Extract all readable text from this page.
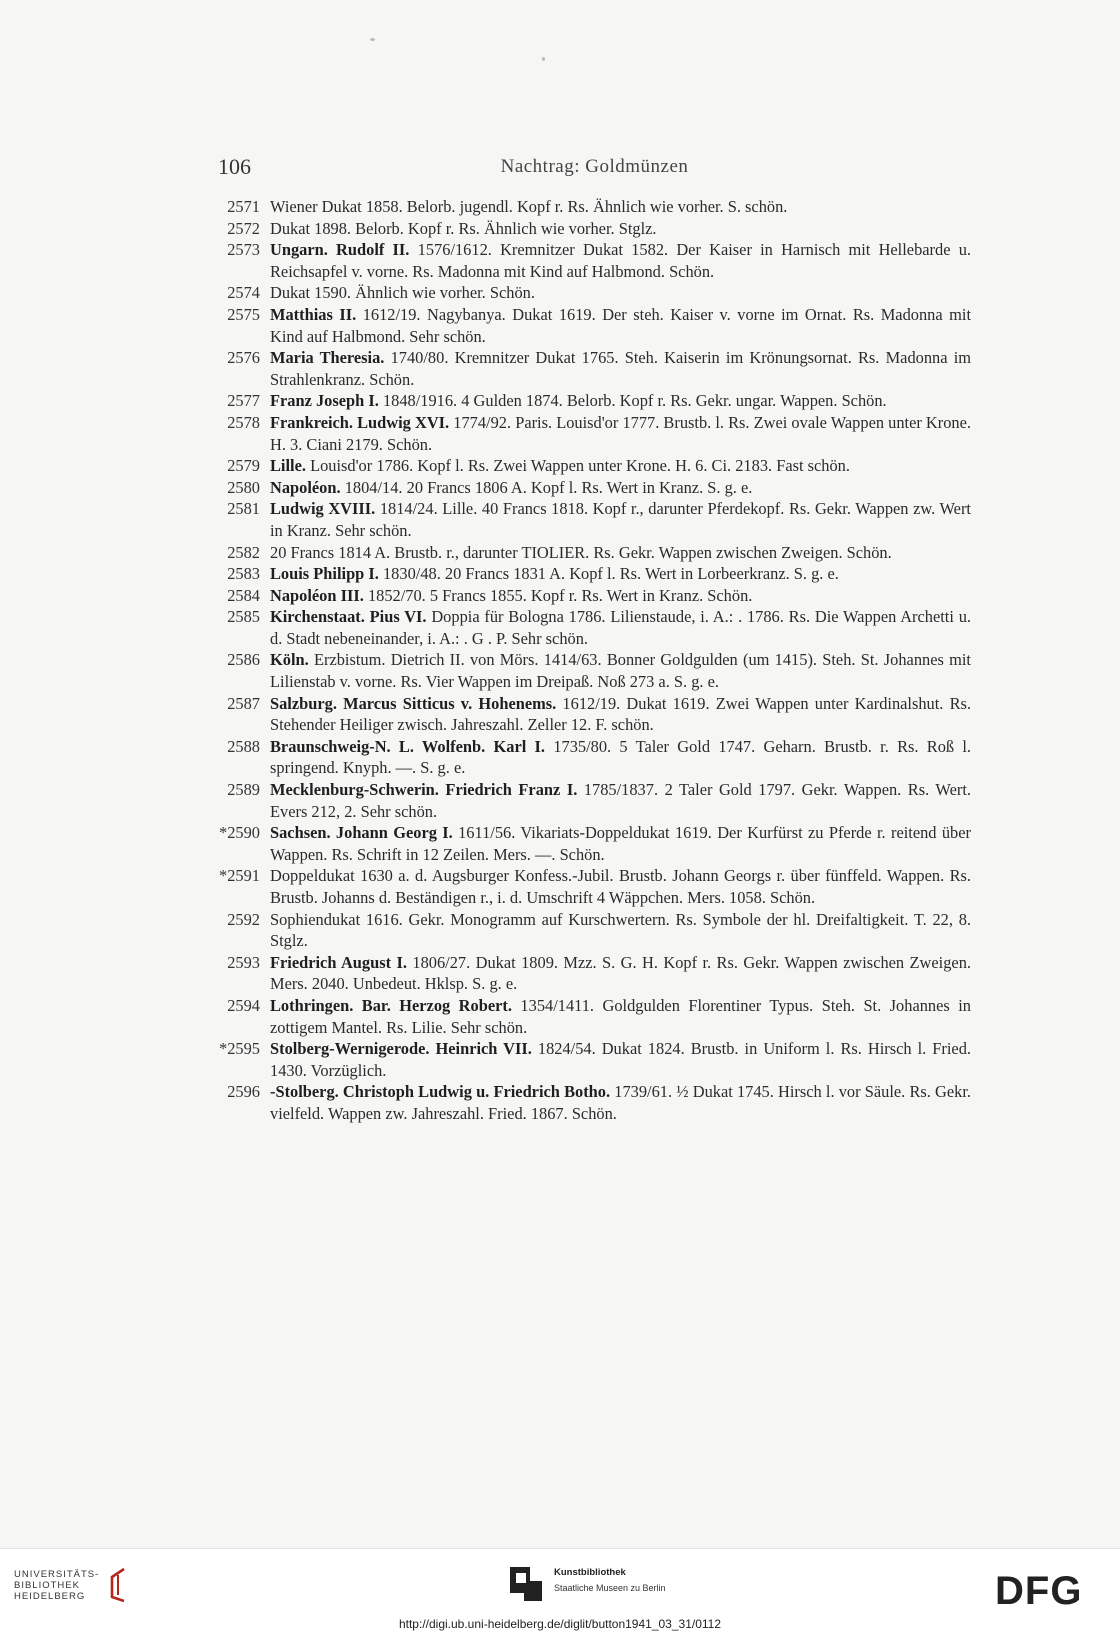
106	Nachtrag: Goldmünzen
2571 Wiener Dukat 1858. Belorb. jugendl. Kopf r. Rs. Ähnlich wie vorher. S. schön.
2572 Dukat 1898. Belorb. Kopf r. Rs. Ähnlich wie vorher. Stglz.
2573 Ungarn. Rudolf II. 1576/1612. Kremnitzer Dukat 1582. Der Kaiser in Harnisch mit Hellebarde u. Reichsapfel v. vorne. Rs. Madonna mit Kind auf Halbmond. Schön.
2574 Dukat 1590. Ähnlich wie vorher. Schön.
2575 Matthias II. 1612/19. Nagybanya. Dukat 1619. Der steh. Kaiser v. vorne im Ornat. Rs. Madonna mit Kind auf Halbmond. Sehr schön.
2576 Maria Theresia. 1740/80. Kremnitzer Dukat 1765. Steh. Kaiserin im Krönungsornat. Rs. Madonna im Strahlenkranz. Schön.
2577 Franz Joseph I. 1848/1916. 4 Gulden 1874. Belorb. Kopf r. Rs. Gekr. ungar. Wappen. Schön.
2578 Frankreich. Ludwig XVI. 1774/92. Paris. Louisd'or 1777. Brustb. l. Rs. Zwei ovale Wappen unter Krone. H. 3. Ciani 2179. Schön.
2579 Lille. Louisd'or 1786. Kopf l. Rs. Zwei Wappen unter Krone. H. 6. Ci. 2183. Fast schön.
2580 Napoléon. 1804/14. 20 Francs 1806 A. Kopf l. Rs. Wert in Kranz. S. g. e.
2581 Ludwig XVIII. 1814/24. Lille. 40 Francs 1818. Kopf r., darunter Pferdekopf. Rs. Gekr. Wappen zw. Wert in Kranz. Sehr schön.
2582 20 Francs 1814 A. Brustb. r., darunter TIOLIER. Rs. Gekr. Wappen zwischen Zweigen. Schön.
2583 Louis Philipp I. 1830/48. 20 Francs 1831 A. Kopf l. Rs. Wert in Lorbeerkranz. S. g. e.
2584 Napoléon III. 1852/70. 5 Francs 1855. Kopf r. Rs. Wert in Kranz. Schön.
2585 Kirchenstaat. Pius VI. Doppia für Bologna 1786. Lilienstaude, i. A.: . 1786. Rs. Die Wappen Archetti u. d. Stadt nebeneinander, i. A.: . G . P. Sehr schön.
2586 Köln. Erzbistum. Dietrich II. von Mörs. 1414/63. Bonner Goldgulden (um 1415). Steh. St. Johannes mit Lilienstab v. vorne. Rs. Vier Wappen im Dreipaß. Noß 273 a. S. g. e.
2587 Salzburg. Marcus Sitticus v. Hohenems. 1612/19. Dukat 1619. Zwei Wappen unter Kardinalshut. Rs. Stehender Heiliger zwisch. Jahreszahl. Zeller 12. F. schön.
2588 Braunschweig-N. L. Wolfenb. Karl I. 1735/80. 5 Taler Gold 1747. Geharn. Brustb. r. Rs. Roß l. springend. Knyph. —. S. g. e.
2589 Mecklenburg-Schwerin. Friedrich Franz I. 1785/1837. 2 Taler Gold 1797. Gekr. Wappen. Rs. Wert. Evers 212, 2. Sehr schön.
*2590 Sachsen. Johann Georg I. 1611/56. Vikariats-Doppeldukat 1619. Der Kurfürst zu Pferde r. reitend über Wappen. Rs. Schrift in 12 Zeilen. Mers. —. Schön.
*2591 Doppeldukat 1630 a. d. Augsburger Konfess.-Jubil. Brustb. Johann Georgs r. über fünffeld. Wappen. Rs. Brustb. Johanns d. Beständigen r., i. d. Umschrift 4 Wäppchen. Mers. 1058. Schön.
2592 Sophiendukat 1616. Gekr. Monogramm auf Kurschwertern. Rs. Symbole der hl. Dreifaltigkeit. T. 22, 8. Stglz.
2593 Friedrich August I. 1806/27. Dukat 1809. Mzz. S. G. H. Kopf r. Rs. Gekr. Wappen zwischen Zweigen. Mers. 2040. Unbedeut. Hklsp. S. g. e.
2594 Lothringen. Bar. Herzog Robert. 1354/1411. Goldgulden Florentiner Typus. Steh. St. Johannes in zottigem Mantel. Rs. Lilie. Sehr schön.
*2595 Stolberg-Wernigerode. Heinrich VII. 1824/54. Dukat 1824. Brustb. in Uniform l. Rs. Hirsch l. Fried. 1430. Vorzüglich.
2596 -Stolberg. Christoph Ludwig u. Friedrich Botho. 1739/61. ½ Dukat 1745. Hirsch l. vor Säule. Rs. Gekr. vielfeld. Wappen zw. Jahreszahl. Fried. 1867. Schön.
UNIVERSITÄTS-
BIBLIOTHEK
HEIDELBERG
Kunstbibliothek
Staatliche Museen zu Berlin	DFG
http://digi.ub.uni-heidelberg.de/diglit/button1941_03_31/0112
